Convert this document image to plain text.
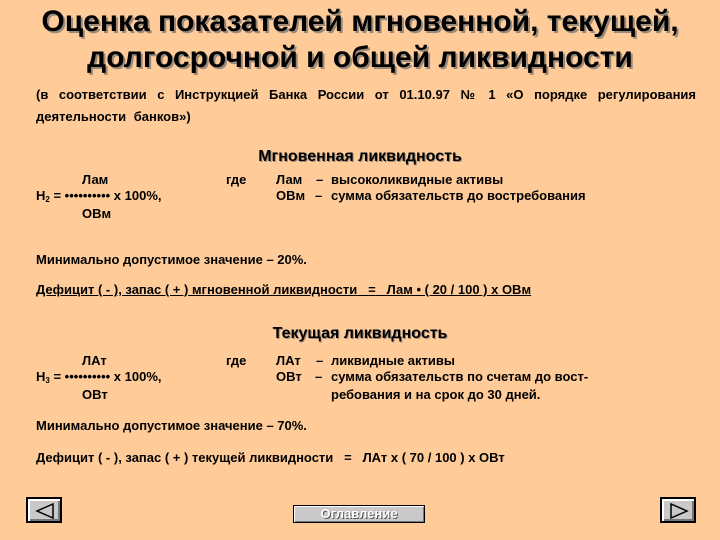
Оценка показателей мгновенной, текущей,
долгосрочной и общей ликвидности
(в соответствии с Инструкцией Банка России от 01.10.97 № 1 «О порядке регулирования деятельности банков»)
Мгновенная ликвидность
Лам
$Н_2$ = •••••••••• х 100%,
ОВм
где Лам – высоколиквидные активы
ОВм – сумма обязательств до востребования
Минимально допустимое значение – 20%.
Дефицит ( - ), запас ( + ) мгновенной ликвидности = Лам • ( 20 / 100 ) х ОВм
Текущая ликвидность
ЛАт
$Н_3$ = •••••••••• х 100%,
ОВт
где ЛАт – ликвидные активы
ОВт – сумма обязательств по счетам до вост-
ребования и на срок до 30 дней.
Минимально допустимое значение – 70%.
Дефицит ( - ), запас ( + ) текущей ликвидности = ЛАт х ( 70 / 100 ) х ОВт
Оглавление
